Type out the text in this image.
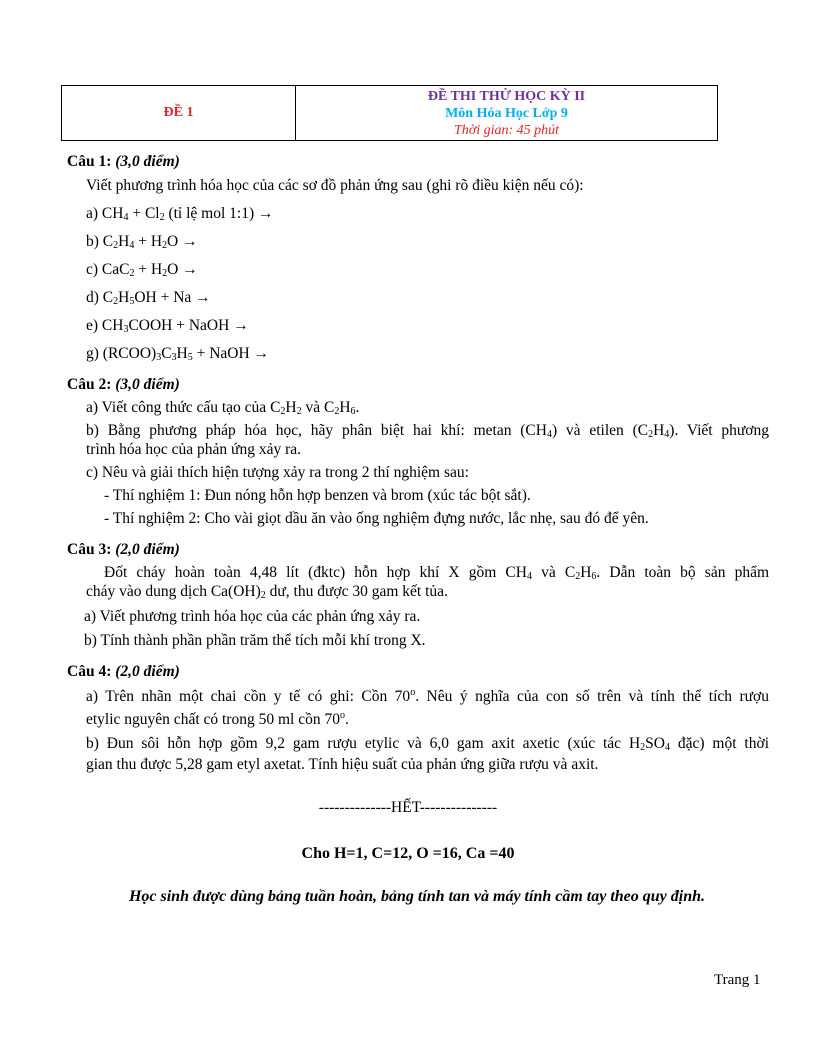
ĐỀ 1
ĐỀ THI THỬ HỌC KỲ II
Môn Hóa Học Lớp 9
Thời gian: 45 phút
Câu 1: (3,0 điểm)
Viết phương trình hóa học của các sơ đồ phản ứng sau (ghi rõ điều kiện nếu có):
a) $CH_4 + Cl_2$ (tỉ lệ mol 1:1) →
b) $C_2H_4 + H_2O$ →
c) $CaC_2 + H_2O$ →
d) $C_2H_5OH + Na$ →
e) $CH_3COOH$ + NaOH →
g) $(RCOO)_3C_3H_5$ + NaOH →
Câu 2: (3,0 điểm)
a) Viết công thức cấu tạo của $C_2H_2$ và $C_2H_6$.
b) Bằng phương pháp hóa học, hãy phân biệt hai khí: metan $(CH_4)$ và etilen $(C_2H_4)$. Viết phương
trình hóa học của phản ứng xảy ra.
c) Nêu và giải thích hiện tượng xảy ra trong 2 thí nghiệm sau:
- Thí nghiệm 1: Đun nóng hỗn hợp benzen và brom (xúc tác bột sắt).
- Thí nghiệm 2: Cho vài giọt dầu ăn vào ống nghiệm đựng nước, lắc nhẹ, sau đó để yên.
Câu 3: (2,0 điểm)
Đốt cháy hoàn toàn 4,48 lít (đktc) hỗn hợp khí X gồm $CH_4$ và $C_2H_6$. Dẫn toàn bộ sản phẩm
cháy vào dung dịch $Ca(OH)_2$ dư, thu được 30 gam kết tủa.
a) Viết phương trình hóa học của các phản ứng xảy ra.
b) Tính thành phần phần trăm thể tích mỗi khí trong X.
Câu 4: (2,0 điểm)
a) Trên nhãn một chai cồn y tế có ghi: Cồn 70$^o$. Nêu ý nghĩa của con số trên và tính thể tích rượu
etylic nguyên chất có trong 50 ml cồn 70$^o$.
b) Đun sôi hỗn hợp gồm 9,2 gam rượu etylic và 6,0 gam axit axetic (xúc tác $H_2SO_4$ đặc) một thời
gian thu được 5,28 gam etyl axetat. Tính hiệu suất của phản ứng giữa rượu và axit.
--------------HẾT---------------
Cho H=1, C=12, O =16, Ca =40
Học sinh được dùng bảng tuần hoàn, bảng tính tan và máy tính cầm tay theo quy định.
Trang 1
